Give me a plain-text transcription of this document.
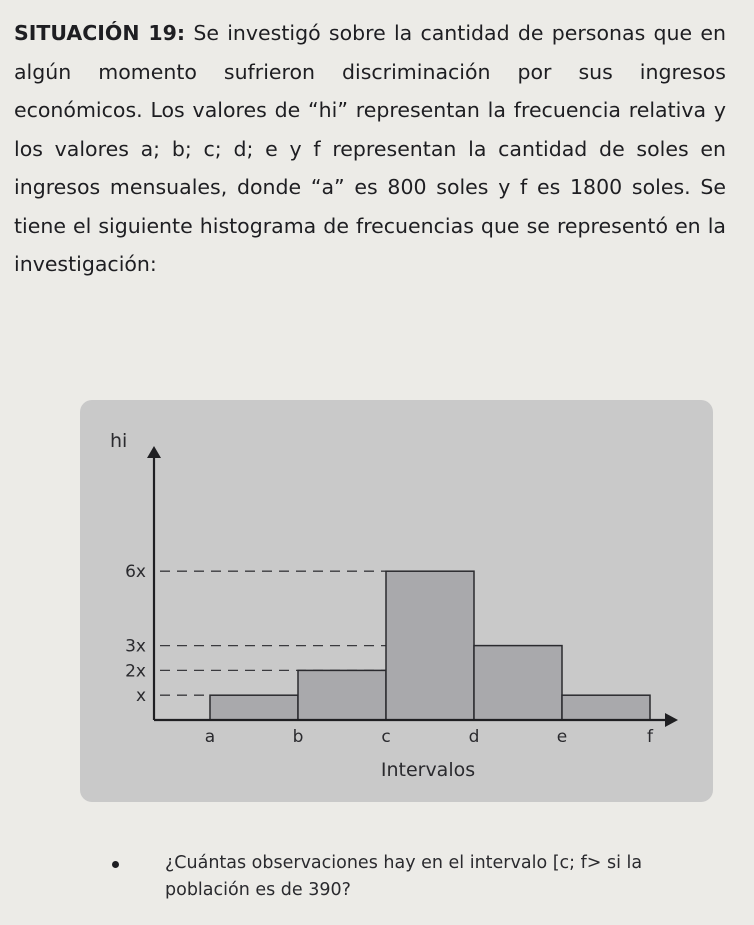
SITUACIÓN 19: Se investigó sobre la cantidad de personas que en algún momento sufrieron discriminación por sus ingresos económicos. Los valores de “hi” representan la frecuencia relativa y los valores a; b; c; d; e y f representan la cantidad de soles en ingresos mensuales, donde “a” es 800 soles y f es 1800 soles. Se tiene el siguiente histograma de frecuencias que se representó en la investigación:
x
2x
3x
6x
a	b	c	d	e	f
hi
Intervalos
¿Cuántas observaciones hay en el intervalo [c; f> si la población es de 390?
